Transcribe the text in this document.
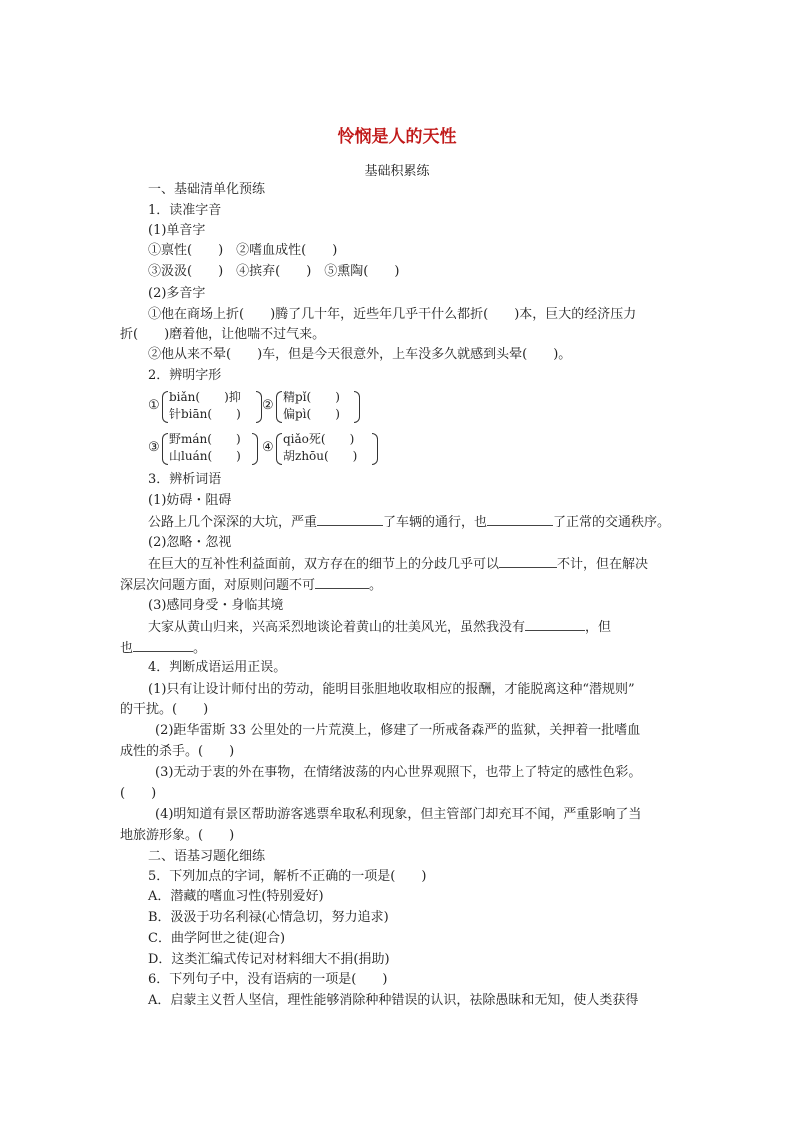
怜悯是人的天性
基础积累练
一、基础清单化预练
1．读准字音
(1)单音字
①禀性(　　)　②嗜血成性(　　)
③汲汲(　　)　④摈弃(　　)　⑤熏陶(　　)
(2)多音字
①他在商场上折(　　)腾了几十年，近些年几乎干什么都折(　　)本，巨大的经济压力
折(　　)磨着他，让他喘不过气来。
②他从来不晕(　　)车，但是今天很意外，上车没多久就感到头晕(　　)。
2．辨明字形
①
biǎn(　　)抑
针biān(　　)
②
精pǐ(　　)
偏pì(　　)
③
野mán(　　)
山luán(　　)
④
qiǎo死(　　)
胡zhōu(　　)
3．辨析词语
(1)妨碍・阻碍
公路上几个深深的大坑，严重	了车辆的通行，也	了正常的交通秩序。
(2)忽略・忽视
在巨大的互补性利益面前，双方存在的细节上的分歧几乎可以	不计，但在解决
深层次问题方面，对原则问题不可	。
(3)感同身受・身临其境
大家从黄山归来，兴高采烈地谈论着黄山的壮美风光，虽然我没有	，但
也	。
4．判断成语运用正误。
(1)只有让设计师付出的劳动，能明目张胆地收取相应的报酬，才能脱离这种“潜规则”
的干扰。(　　)
(2)距华雷斯 33 公里处的一片荒漠上，修建了一所戒备森严的监狱，关押着一批嗜血
成性的杀手。(　　)
(3)无动于衷的外在事物，在情绪波荡的内心世界观照下，也带上了特定的感性色彩。
(　　)
(4)明知道有景区帮助游客逃票牟取私利现象，但主管部门却充耳不闻，严重影响了当
地旅游形象。(　　)
二、语基习题化细练
5．下列加点的字词，解析不正确的一项是(　　)
A．潜藏的嗜血习性(特别爱好)
B．汲汲于功名利禄(心情急切，努力追求)
C．曲学阿世之徒(迎合)
D．这类汇编式传记对材料细大不捐(捐助)
6．下列句子中，没有语病的一项是(　　)
A．启蒙主义哲人坚信，理性能够消除种种错误的认识，祛除愚昧和无知，使人类获得
